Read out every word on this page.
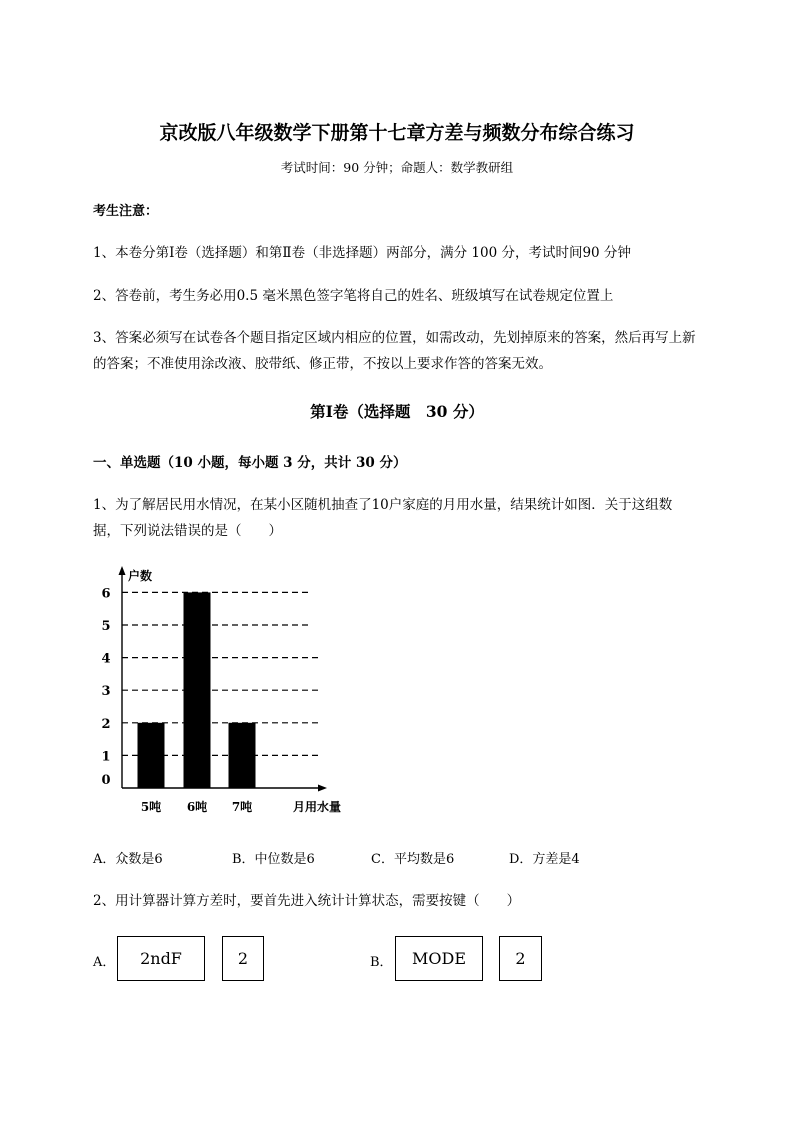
京改版八年级数学下册第十七章方差与频数分布综合练习
考试时间：90 分钟；命题人：数学教研组
考生注意：
1、本卷分第Ⅰ卷（选择题）和第Ⅱ卷（非选择题）两部分，满分 100 分，考试时间90 分钟
2、答卷前，考生务必用0.5 毫米黑色签字笔将自己的姓名、班级填写在试卷规定位置上
3、答案必须写在试卷各个题目指定区域内相应的位置，如需改动，先划掉原来的答案，然后再写上新
的答案；不准使用涂改液、胶带纸、修正带，不按以上要求作答的答案无效。
第Ⅰ卷（选择题　30 分）
一、单选题（10 小题，每小题 3 分，共计 30 分）
1、为了解居民用水情况，在某小区随机抽查了10户家庭的月用水量，结果统计如图．关于这组数
据，下列说法错误的是（　　）
0
1
2
3
4
5
6
5吨 6吨 7吨
户数
月用水量
A．众数是6	B．中位数是6	C．平均数是6	D．方差是4
2、用计算器计算方差时，要首先进入统计计算状态，需要按键（　　）
A．	2ndF	2	B．	MODE	2
